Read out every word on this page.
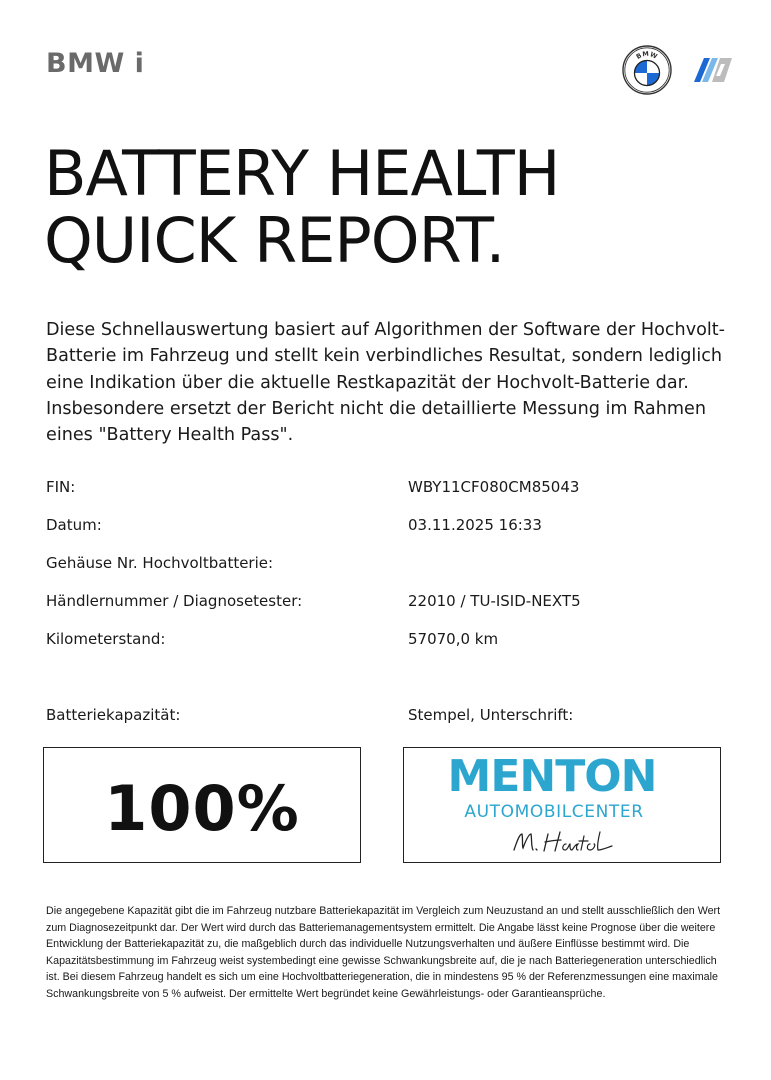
BMW i	BMW
BATTERY HEALTH
QUICK REPORT.

Diese Schnellauswertung basiert auf Algorithmen der Software der Hochvolt-Batterie im Fahrzeug und stellt kein verbindliches Resultat, sondern lediglich eine Indikation über die aktuelle Restkapazität der Hochvolt-Batterie dar. Insbesondere ersetzt der Bericht nicht die detaillierte Messung im Rahmen eines "Battery Health Pass".

FIN:	WBY11CF080CM85043
Datum:	03.11.2025 16:33
Gehäuse Nr. Hochvoltbatterie:
Händlernummer / Diagnosetester:	22010 / TU-ISID-NEXT5
Kilometerstand:	57070,0 km
Batteriekapazität:	Stempel, Unterschrift:
100%	MENTON
AUTOMOBILCENTER

Die angegebene Kapazität gibt die im Fahrzeug nutzbare Batteriekapazität im Vergleich zum Neuzustand an und stellt ausschließlich den Wert zum Diagnosezeitpunkt dar. Der Wert wird durch das Batteriemanagementsystem ermittelt. Die Angabe lässt keine Prognose über die weitere Entwicklung der Batteriekapazität zu, die maßgeblich durch das individuelle Nutzungsverhalten und äußere Einflüsse bestimmt wird. Die Kapazitätsbestimmung im Fahrzeug weist systembedingt eine gewisse Schwankungsbreite auf, die je nach Batteriegeneration unterschiedlich ist. Bei diesem Fahrzeug handelt es sich um eine Hochvoltbatteriegeneration, die in mindestens 95 % der Referenzmessungen eine maximale Schwankungsbreite von 5 % aufweist. Der ermittelte Wert begründet keine Gewährleistungs- oder Garantieansprüche.
